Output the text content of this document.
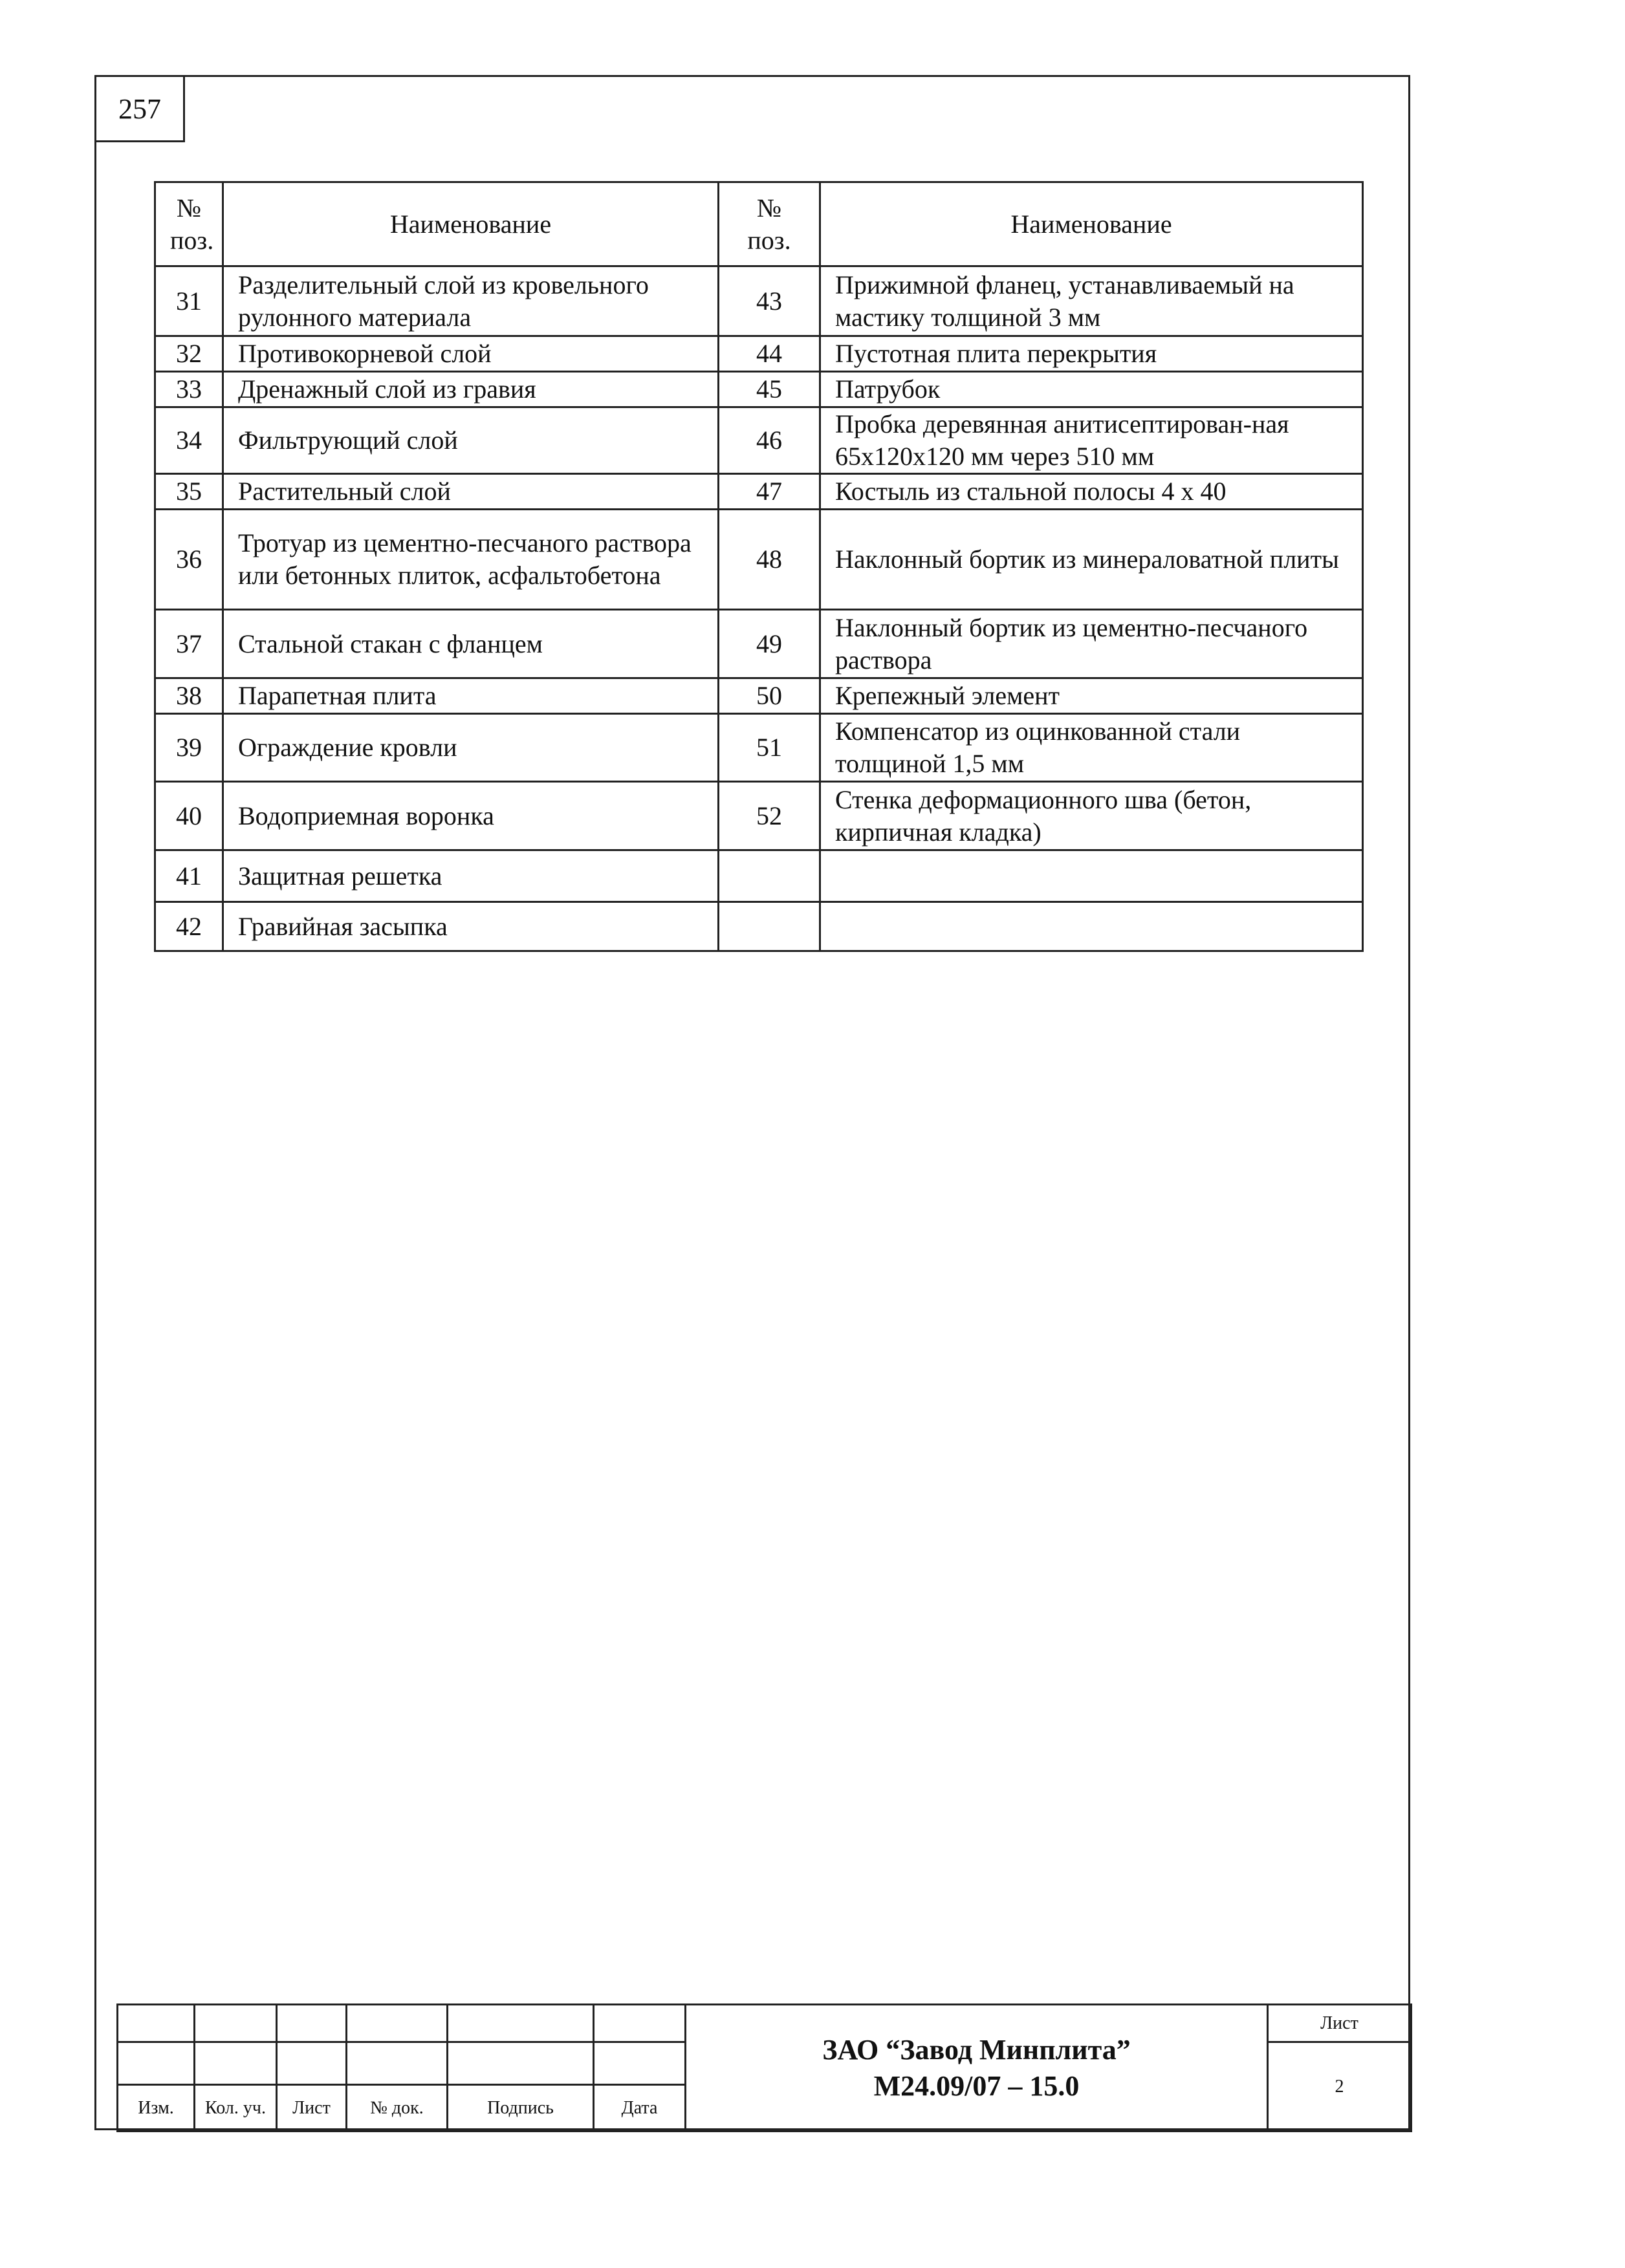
257
№ поз.	Наименование	№ поз.	Наименование
31	Разделительный слой из кровельного рулонного материала	43	Прижимной фланец, устанавливаемый на мастику толщиной 3 мм
32	Противокорневой слой	44	Пустотная плита перекрытия
33	Дренажный слой из гравия	45	Патрубок
34	Фильтрующий слой	46	Пробка деревянная анитисептирован-ная 65х120х120 мм через 510 мм
35	Растительный слой	47	Костыль из стальной полосы 4 х 40
36	Тротуар из цементно-песчаного раствора или бетонных плиток, асфальтобетона	48	Наклонный бортик из минераловатной плиты
37	Стальной стакан с фланцем	49	Наклонный бортик из цементно-песчаного раствора
38	Парапетная плита	50	Крепежный элемент
39	Ограждение кровли	51	Компенсатор из оцинкованной стали толщиной 1,5 мм
40	Водоприемная воронка	52	Стенка деформационного шва (бетон, кирпичная кладка)
41	Защитная решетка		
42	Гравийная засыпка		

						ЗАО “Завод Минплита”
М24.09/07 – 15.0	Лист
							2
Изм.	Кол. уч.	Лист	№ док.	Подпись	Дата		
